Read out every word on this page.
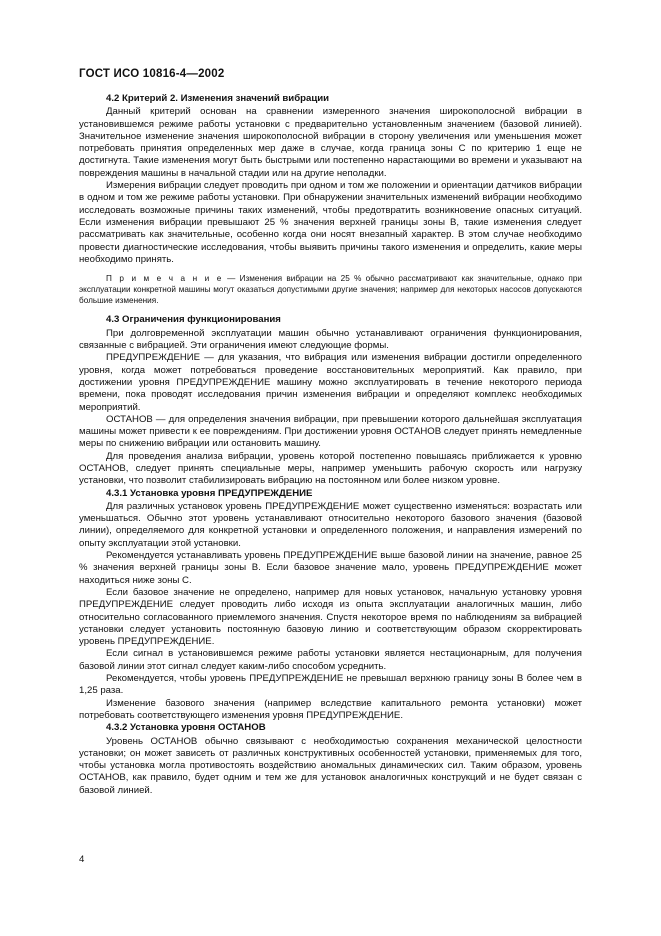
ГОСТ ИСО 10816-4—2002
4.2 Критерий 2. Изменения значений вибрации

Данный критерий основан на сравнении измеренного значения широкополосной вибрации в установившемся режиме работы установки с предварительно установленным значением (базовой линией). Значительное изменение значения широкополосной вибрации в сторону увеличения или уменьшения может потребовать принятия определенных мер даже в случае, когда граница зоны С по критерию 1 еще не достигнута. Такие изменения могут быть быстрыми или постепенно нарастающими во времени и указывают на повреждения машины в начальной стадии или на другие неполадки.

Измерения вибрации следует проводить при одном и том же положении и ориентации датчиков вибрации в одном и том же режиме работы установки. При обнаружении значительных изменений вибрации необходимо исследовать возможные причины таких изменений, чтобы предотвратить возникновение опасных ситуаций. Если изменения вибрации превышают 25 % значения верхней границы зоны В, такие изменения следует рассматривать как значительные, особенно когда они носят внезапный характер. В этом случае необходимо провести диагностические исследования, чтобы выявить причины такого изменения и определить, какие меры необходимо принять.

П р и м е ч а н и е — Изменения вибрации на 25 % обычно рассматривают как значительные, однако при эксплуатации конкретной машины могут оказаться допустимыми другие значения; например для некоторых насосов допускаются большие изменения.
4.3 Ограничения функционирования

При долговременной эксплуатации машин обычно устанавливают ограничения функционирования, связанные с вибрацией. Эти ограничения имеют следующие формы.

ПРЕДУПРЕЖДЕНИЕ — для указания, что вибрация или изменения вибрации достигли определенного уровня, когда может потребоваться проведение восстановительных мероприятий. Как правило, при достижении уровня ПРЕДУПРЕЖДЕНИЕ машину можно эксплуатировать в течение некоторого периода времени, пока проводят исследования причин изменения вибрации и определяют комплекс необходимых мероприятий.

ОСТАНОВ — для определения значения вибрации, при превышении которого дальнейшая эксплуатация машины может привести к ее повреждениям. При достижении уровня ОСТАНОВ следует принять немедленные меры по снижению вибрации или остановить машину.

Для проведения анализа вибрации, уровень которой постепенно повышаясь приближается к уровню ОСТАНОВ, следует принять специальные меры, например уменьшить рабочую скорость или нагрузку установки, что позволит стабилизировать вибрацию на постоянном или более низком уровне.

4.3.1 Установка уровня ПРЕДУПРЕЖДЕНИЕ

Для различных установок уровень ПРЕДУПРЕЖДЕНИЕ может существенно изменяться: возрастать или уменьшаться. Обычно этот уровень устанавливают относительно некоторого базового значения (базовой линии), определяемого для конкретной установки и определенного положения, и направления измерений по опыту эксплуатации этой установки.

Рекомендуется устанавливать уровень ПРЕДУПРЕЖДЕНИЕ выше базовой линии на значение, равное 25 % значения верхней границы зоны В. Если базовое значение мало, уровень ПРЕДУПРЕЖДЕНИЕ может находиться ниже зоны С.

Если базовое значение не определено, например для новых установок, начальную установку уровня ПРЕДУПРЕЖДЕНИЕ следует проводить либо исходя из опыта эксплуатации аналогичных машин, либо относительно согласованного приемлемого значения. Спустя некоторое время по наблюдениям за вибрацией установки следует установить постоянную базовую линию и соответствующим образом скорректировать уровень ПРЕДУПРЕЖДЕНИЕ.

Если сигнал в установившемся режиме работы установки является нестационарным, для получения базовой линии этот сигнал следует каким-либо способом усреднить.

Рекомендуется, чтобы уровень ПРЕДУПРЕЖДЕНИЕ не превышал верхнюю границу зоны В более чем в 1,25 раза.

Изменение базового значения (например вследствие капитального ремонта установки) может потребовать соответствующего изменения уровня ПРЕДУПРЕЖДЕНИЕ.

4.3.2 Установка уровня ОСТАНОВ

Уровень ОСТАНОВ обычно связывают с необходимостью сохранения механической целостности установки; он может зависеть от различных конструктивных особенностей установки, применяемых для того, чтобы установка могла противостоять воздействию аномальных динамических сил. Таким образом, уровень ОСТАНОВ, как правило, будет одним и тем же для установок аналогичных конструкций и не будет связан с базовой линией.

4
